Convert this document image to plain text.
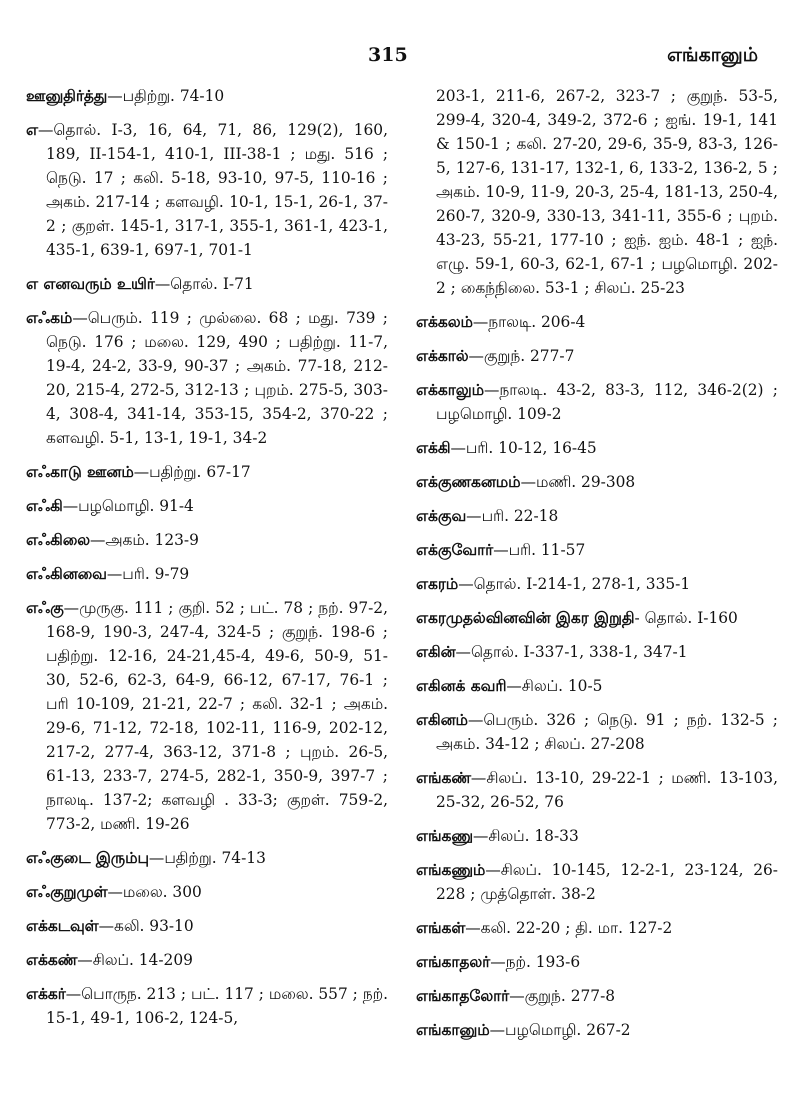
315	எங்கானும்

ஊனுதிர்த்து—பதிற்று. 74-10

எ—தொல். I-3, 16, 64, 71, 86, 129(2), 160, 189, II-154-1, 410-1, III-38-1 ; மது. 516 ; நெடு. 17 ; கலி. 5-18, 93-10, 97-5, 110-16 ; அகம். 217-14 ; களவழி. 10-1, 15-1, 26-1, 37-2 ; குறள். 145-1, 317-1, 355-1, 361-1, 423-1, 435-1, 639-1, 697-1, 701-1

எ எனவரும் உயிர்—தொல். I-71

எஃகம்—பெரும். 119 ; முல்லை. 68 ; மது. 739 ; நெடு. 176 ; மலை. 129, 490 ; பதிற்று. 11-7, 19-4, 24-2, 33-9, 90-37 ; அகம். 77-18, 212-20, 215-4, 272-5, 312-13 ; புறம். 275-5, 303-4, 308-4, 341-14, 353-15, 354-2, 370-22 ; களவழி. 5-1, 13-1, 19-1, 34-2

எஃகாடு ஊனம்—பதிற்று. 67-17

எஃகி—பழமொழி. 91-4

எஃகிலை—அகம். 123-9

எஃகினவை—பரி. 9-79

எஃகு—முருகு. 111 ; குறி. 52 ; பட். 78 ; நற். 97-2, 168-9, 190-3, 247-4, 324-5 ; குறுந். 198-6 ; பதிற்று. 12-16, 24-21,45-4, 49-6, 50-9, 51-30, 52-6, 62-3, 64-9, 66-12, 67-17, 76-1 ; பரி 10-109, 21-21, 22-7 ; கலி. 32-1 ; அகம். 29-6, 71-12, 72-18, 102-11, 116-9, 202-12, 217-2, 277-4, 363-12, 371-8 ; புறம். 26-5, 61-13, 233-7, 274-5, 282-1, 350-9, 397-7 ; நாலடி. 137-2; களவழி . 33-3; குறள். 759-2, 773-2, மணி. 19-26

எஃகுடை இரும்பு—பதிற்று. 74-13

எஃகுறுமுள்—மலை. 300

எக்கடவுள்—கலி. 93-10

எக்கண்—சிலப். 14-209

எக்கர்—பொருந. 213 ; பட். 117 ; மலை. 557 ; நற். 15-1, 49-1, 106-2, 124-5,

203-1, 211-6, 267-2, 323-7 ; குறுந். 53-5, 299-4, 320-4, 349-2, 372-6 ; ஐங். 19-1, 141 & 150-1 ; கலி. 27-20, 29-6, 35-9, 83-3, 126-5, 127-6, 131-17, 132-1, 6, 133-2, 136-2, 5 ; அகம். 10-9, 11-9, 20-3, 25-4, 181-13, 250-4, 260-7, 320-9, 330-13, 341-11, 355-6 ; புறம். 43-23, 55-21, 177-10 ; ஐந். ஐம். 48-1 ; ஐந். எழு. 59-1, 60-3, 62-1, 67-1 ; பழமொழி. 202-2 ; கைந்நிலை. 53-1 ; சிலப். 25-23

எக்கலம்—நாலடி. 206-4

எக்கால்—குறுந். 277-7

எக்காலும்—நாலடி. 43-2, 83-3, 112, 346-2(2) ; பழமொழி. 109-2

எக்கி—பரி. 10-12, 16-45

எக்குணகனமம்—மணி. 29-308

எக்குவ—பரி. 22-18

எக்குவோர்—பரி. 11-57

எகரம்—தொல். I-214-1, 278-1, 335-1

எகரமுதல்வினவின் இகர இறுதி- தொல். I-160

எகின்—தொல். I-337-1, 338-1, 347-1

எகினக் கவரி—சிலப். 10-5

எகினம்—பெரும். 326 ; நெடு. 91 ; நற். 132-5 ; அகம். 34-12 ; சிலப். 27-208

எங்கண்—சிலப். 13-10, 29-22-1 ; மணி. 13-103, 25-32, 26-52, 76

எங்கணு—சிலப். 18-33

எங்கணும்—சிலப். 10-145, 12-2-1, 23-124, 26-228 ; முத்தொள். 38-2

எங்கள்—கலி. 22-20 ; தி. மா. 127-2

எங்காதலர்—நற். 193-6

எங்காதலோர்—குறுந். 277-8

எங்கானும்—பழமொழி. 267-2
